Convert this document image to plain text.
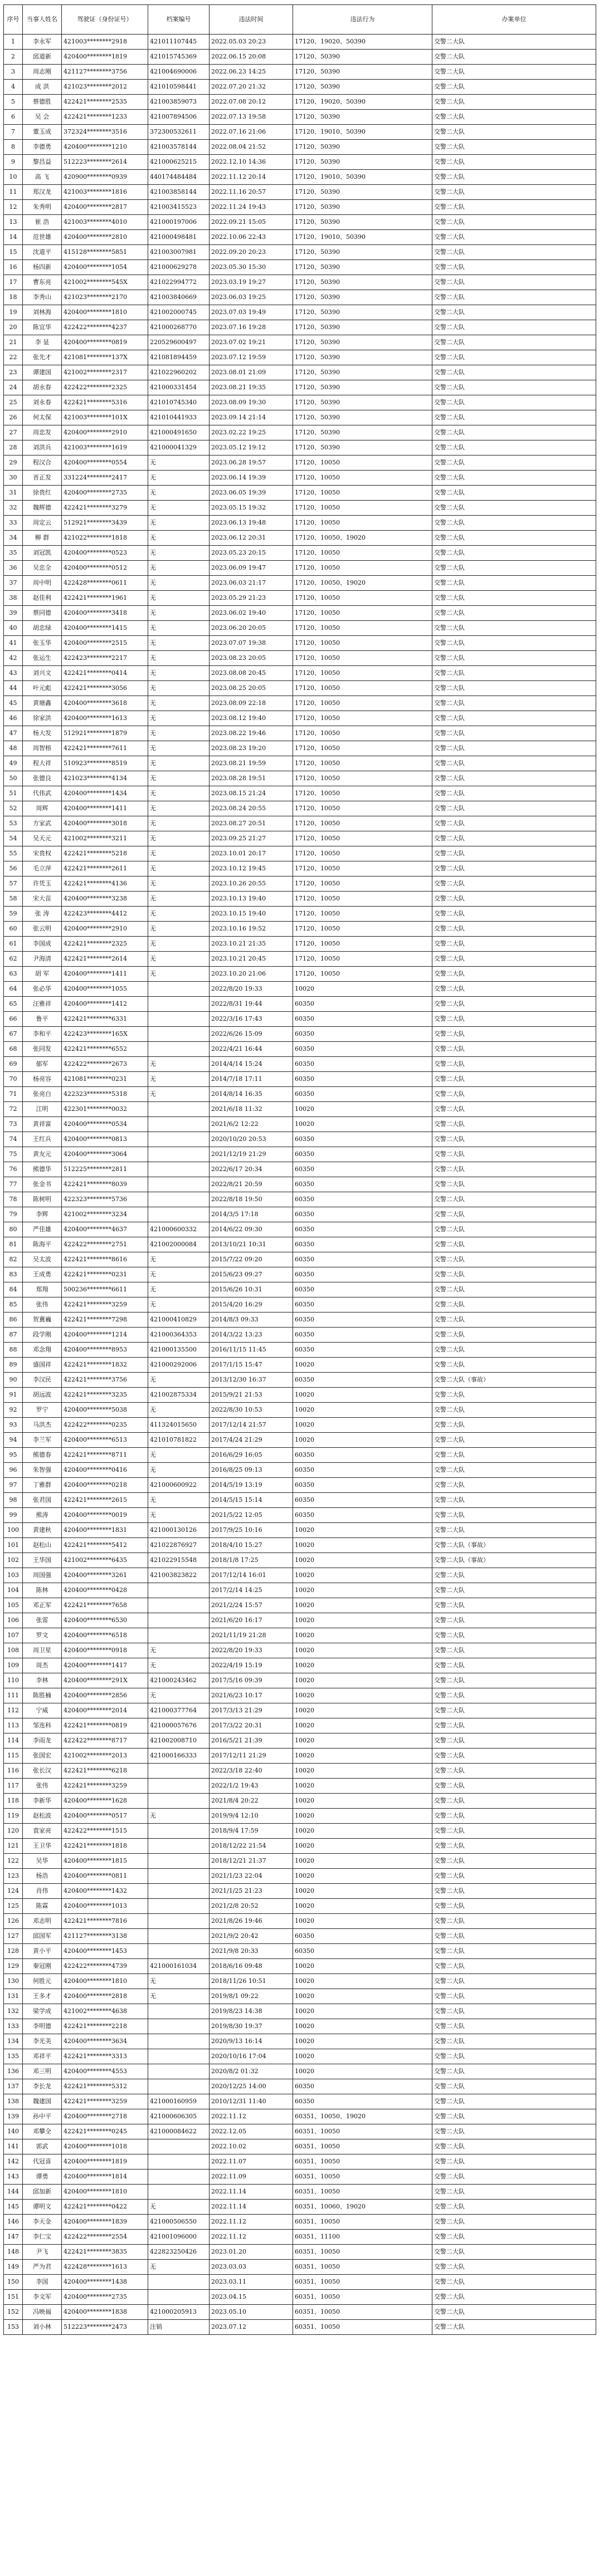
序号	当事人姓名	驾驶证（身份证号）	档案编号	违法时间	违法行为	办案单位
1	李永军	421003********2918	421011107445	2022.05.03 20:23	17120、19020、50390	交警二大队
2	邱道新	420400********1819	421015745369	2022.06.15 20:08	17120、50390	交警二大队
3	周志刚	421127********3756	421004690006	2022.06.23 14:25	17120、50390	交警二大队
4	成 洪	421023********2012	421010598441	2022.07.20 21:32	17120、50390	交警二大队
5	蔡德胜	422421********2535	421003859073	2022.07.08 20:12	17120、19020、50390	交警二大队
6	吴 会	422421********1233	421007894506	2022.07.13 19:58	17120、50390	交警二大队
7	董玉成	372324********3516	372300532611	2022.07.16 21:06	17120、19010、50390	交警二大队
8	李德勇	420400********1210	421003578144	2022.08.04 21:52	17120、50390	交警二大队
9	黎昌益	512223********2614	421000625215	2022.12.10 14:36	17120、50390	交警二大队
10	高 飞	420900********0939	440174484484	2022.11.12 20:14	17120、19010、50390	交警二大队
11	郑汉龙	421003********1816	421003858144	2022.11.16 20:57	17120、50390	交警二大队
12	朱秀明	420400********2817	421003415523	2022.11.24 19:43	17120、50390	交警二大队
13	崔 浩	421003********4010	421000197006	2022.09.21 15:05	17120、50390	交警二大队
14	范世雄	420400********2810	421000498481	2022.10.06 22:43	17120、19010、50390	交警二大队
15	沈道平	415128********5851	421003007981	2022.09.20 20:23	17120、50390	交警二大队
16	杨四新	420400********1054	421000629278	2023.05.30 15:30	17120、50390	交警二大队
17	曹东亮	421002********545X	421022994772	2023.03.19 19:27	17120、50390	交警二大队
18	李秀山	421023********2170	421003840669	2023.06.03 19:25	17120、50390	交警二大队
19	刘林海	420400********1810	421002000745	2023.07.03 19:49	17120、50390	交警二大队
20	陈宜华	422422********4237	421000268770	2023.07.16 19:28	17120、50390	交警二大队
21	李 显	420400********0819	220529600497	2023.07.02 19:21	17120、50390	交警二大队
22	张先才	421081********137X	421081894459	2023.07.12 19:59	17120、50390	交警二大队
23	谭建国	421002********2317	421022960202	2023.08.01 21:09	17120、50390	交警二大队
24	胡永春	422422********2325	421000331454	2023.08.21 19:35	17120、50390	交警二大队
25	刘永春	422421********5316	421010745340	2023.08.09 19:30	17120、50390	交警二大队
26	何太保	421003********101X	421010441933	2023.09.14 21:14	17120、50390	交警二大队
27	周忠发	420400********2910	421000491650	2023.02.22 19:25	17120、50390	交警二大队
28	刘洪兵	421003********1619	421000041329	2023.05.12 19:12	17120、50390	交警二大队
29	程汉合	420400********0554	无	2023.06.28 19:57	17120、10050	交警二大队
30	晋正发	331224********2417	无	2023.06.14 19:39	17120、10050	交警二大队
31	徐贵红	420400********2735	无	2023.06.05 19:39	17120、10050	交警二大队
32	魏辉德	422421********3279	无	2023.05.15 19:32	17120、10050	交警二大队
33	周定云	512921********3439	无	2023.06.13 19:48	17120、10050	交警二大队
34	柳 群	421022********1818	无	2023.06.12 20:31	17120、10050、19020	交警二大队
35	刘冠凯	420400********0523	无	2023.05.23 20:15	17120、10050	交警二大队
36	吴忠全	420400********0512	无	2023.06.09 19:47	17120、10050	交警二大队
37	周中明	422428********0611	无	2023.06.03 21:17	17120、10050、19020	交警二大队
38	赵佳利	422421********1961	无	2023.05.29 21:23	17120、10050	交警二大队
39	蔡同德	420400********3418	无	2023.06.02 19:40	17120、10050	交警二大队
40	胡忠绿	420400********1415	无	2023.06.20 20:05	17120、10050	交警二大队
41	张玉华	420400********2515	无	2023.07.07 19:38	17120、10050	交警二大队
42	张运生	422423********2217	无	2023.08.23 20:05	17120、10050	交警二大队
43	刘兴文	422421********0414	无	2023.08.08 20:45	17120、10050	交警二大队
44	叶元彪	422421********3056	无	2023.08.25 20:05	17120、10050	交警二大队
45	黄塘鑫	420400********3618	无	2023.08.09 22:18	17120、10050	交警二大队
46	徐家洪	420400********1613	无	2023.08.12 19:40	17120、10050	交警二大队
47	杨大发	512921********1879	无	2023.08.22 19:46	17120、10050	交警二大队
48	周智榕	422421********7611	无	2023.08.23 19:20	17120、10050	交警二大队
49	程大祥	510923********8519	无	2023.08.21 19:59	17120、10050	交警二大队
50	张德良	421023********4134	无	2023.08.28 19:51	17120、10050	交警二大队
51	代伟武	420400********1434	无	2023.08.15 21:24	17120、10050	交警二大队
52	周辉	420400********1411	无	2023.08.24 20:55	17120、10050	交警二大队
53	方家武	420400********3018	无	2023.08.27 20:51	17120、10050	交警二大队
54	吴天元	421002********3211	无	2023.09.25 21:27	17120、10050	交警二大队
55	宋贵权	422421********5218	无	2023.10.01 20:17	17120、10050	交警二大队
56	毛立萍	422421********2611	无	2023.10.12 19:45	17120、10050	交警二大队
57	许凭玉	422421********4136	无	2023.10.26 20:55	17120、10050	交警二大队
58	宋大苗	420400********3238	无	2023.10.13 19:40	17120、10050	交警二大队
59	张 涛	422423********4412	无	2023.10.15 19:40	17120、10050	交警二大队
60	张云明	420400********2910	无	2023.10.16 19:52	17120、10050	交警二大队
61	李国成	422421********2325	无	2023.10.21 21:35	17120、10050	交警二大队
62	尹海清	422421********2614	无	2023.10.21 20:45	17120、10050	交警二大队
63	胡 军	420400********1411	无	2023.10.20 21:06	17120、10050	交警二大队
64	张必华	420400********1055		2022/8/20 19:33	10020	交警二大队
65	汪雅祥	420400********1412		2022/8/31 19:44	60350	交警二大队
66	鲁平	422421********6331		2022/3/16 17:43	60350	交警二大队
67	李和平	422423********165X		2022/6/26 15:09	60350	交警二大队
68	张同发	422421********6552		2022/4/21 16:44	60350	交警二大队
69	郁军	422422********2673	无	2014/4/14 15:24	60350	交警二大队
70	杨亮容	421081********0231	无	2014/7/18 17:11	60350	交警二大队
71	张亮白	422323********5318	无	2014/8/14 16:35	60350	交警二大队
72	江明	422301********0032		2021/6/18 11:32	10020	交警二大队
73	黄祥富	420400********0534		2021/6/2 12:22	10020	交警二大队
74	王红兵	420400********0813		2020/10/20 20:53	60350	交警二大队
75	黄友元	420400********3064		2021/12/19 21:29	60350	交警二大队
76	熊德华	512225********2811		2022/6/17 20:34	60350	交警二大队
77	张金书	422421********8039		2022/8/21 20:59	60350	交警二大队
78	陈树明	422323********5736		2022/8/18 19:50	60350	交警二大队
79	李辉	421002********3234		2014/3/5 17:18	60350	交警二大队
80	严佳雄	420400********4637	421000600332	2014/6/22 09:30	60350	交警二大队
81	陈海平	422422********2751	421002000084	2013/10/21 10:31	60350	交警二大队
82	吴太波	422421********8616	无	2015/7/22 09:20	60350	交警二大队
83	王成勇	422421********0231	无	2015/6/23 09:27	60350	交警二大队
84	郑翔	500236********6611	无	2015/6/26 10:31	60350	交警二大队
85	张伟	422421********3259	无	2015/4/20 16:29	60350	交警二大队
86	贺冀巍	422421********7298	421000410829	2014/8/3 09:33	60350	交警二大队
87	段学刚	420400********1214	421000364353	2014/3/22 13:23	60350	交警二大队
88	邓念翔	420400********8953	421000135500	2016/11/15 11:45	60350	交警二大队
89	盛国祥	422421********1832	421000292006	2017/1/15 15:47	10020	交警二大队
90	李汉民	422421********3756	无	2013/12/30 16:37	60350	交警二大队（事故）
91	胡远波	422421********3235	421002875334	2015/9/21 21:53	10020	交警二大队
92	罗宁	420400********5038	无	2022/8/30 10:53	10020	交警二大队
93	马洪杰	422422********0235	411324015650	2017/12/14 21:57	10020	交警二大队
94	李兰军	420400********6513	421010781822	2017/4/24 21:29	10020	交警二大队
95	熊德春	422421********8711	无	2016/6/29 16:05	60350	交警二大队
96	朱智强	420400********0416	无	2016/8/25 09:13	60350	交警二大队
97	丁雅群	420400********0218	421000600922	2014/5/19 13:19	60350	交警二大队
98	张君国	422421********2615	无	2014/5/15 15:14	60350	交警二大队
99	熊涛	420400********0019	无	2021/5/22 12:05	60350	交警二大队
100	黄建秋	420400********1831	421000130126	2017/9/25 10:16	10020	交警二大队
101	赵松山	422421********5412	421022876927	2018/4/10 15:27	10020	交警二大队（事故）
102	王华国	421002********6435	421022915548	2018/1/8 17:25	10020	交警二大队（事故）
103	周国强	420400********3261	421003823822	2017/12/14 16:01	10020	交警二大队
104	陈林	420400********0428		2017/2/14 14:25	10020	交警二大队
105	邓正军	422421********7658		2021/2/24 15:57	10020	交警二大队
106	张雷	420400********6530		2021/6/20 16:17	10020	交警二大队
107	罗文	420400********6518		2021/11/19 21:28	10020	交警二大队
108	周卫星	420400********0918	无	2022/8/20 19:33	10020	交警二大队
109	周杰	420400********1417	无	2022/4/19 15:19	10020	交警二大队
110	李林	420400********291X	421000243462	2017/5/16 09:39	10020	交警二大队
111	陈胜楠	420400********2856	无	2021/6/23 10:17	10020	交警二大队
112	宁威	420400********2014	421000377764	2017/3/13 21:29	10020	交警二大队
113	邹连科	422421********0819	421000057676	2017/3/22 20:31	10020	交警二大队
114	李雨龙	422422********8717	421002008710	2016/5/21 21:39	10020	交警二大队
115	张国宏	421002********2013	421000166333	2017/12/11 21:29	10020	交警二大队
116	张长汉	422421********6218		2022/3/18 22:40	10020	交警二大队
117	张伟	422421********3259		2022/1/2 19:43	10020	交警二大队
118	李新华	420400********1628		2021/8/4 20:22	10020	交警二大队
119	赵松波	420400********0517	无	2019/9/4 12:10	10020	交警二大队
120	袁家亮	422422********1515		2018/9/4 17:59	10020	交警二大队
121	王卫华	422421********1818		2018/12/22 21:54	10020	交警二大队
122	吴华	420400********1815		2018/12/21 21:37	10020	交警二大队
123	杨浩	420400********0811		2021/1/23 22:04	10020	交警二大队
124	肖伟	420400********1432		2021/1/25 21:23	10020	交警二大队
125	陈霖	420400********1013		2021/2/8 20:52	10020	交警二大队
126	邓志明	422421********7816		2021/8/26 19:46	10020	交警二大队
127	邱国军	421127********3138		2021/9/2 20:42	60350	交警二大队
128	黄小平	420400********1453		2021/9/8 20:33	60350	交警二大队
129	秦冠刚	422422********4739	421000161034	2018/6/16 09:48	10020	交警二大队
130	何胜元	420400********1810	无	2018/11/26 10:51	10020	交警二大队
131	王多才	420400********2818	无	2019/8/1 09:22	10020	交警二大队
132	梁学成	421002********4638		2019/8/23 14:38	10020	交警二大队
133	李明德	422421********2218		2019/8/30 19:37	10020	交警二大队
134	李光美	420400********3634		2020/9/13 16:14	10020	交警二大队
135	邓祥平	422421********3313		2020/10/16 17:04	10020	交警二大队
136	邓三明	420400********4553		2020/8/2 01:32	10020	交警二大队
137	李长龙	422421********5312		2020/12/25 14:00	60350	交警二大队
138	魏建国	422421********3259	421000160959	2010/12/31 11:40	60350	交警二大队
139	孙中平	420400********2718	421000606305	2022.11.12	60351、10050、19020	交警二大队
140	邓攀全	422421********0245	421000084622	2022.12.05	60351、10050	交警二大队
141	郭武	420400********1018		2022.10.02	60351、10050	交警二大队
142	代冠喜	420400********1819		2022.11.07	60351、10050	交警二大队
143	谭勇	420400********1814		2022.11.09	60351、10050	交警二大队
144	邱加新	420400********1810		2022.11.14	60351、10050	交警二大队
145	谭明文	422421********0422	无	2022.11.14	60351、10060、19020	交警二大队
146	李天金	420400********1839	421000506550	2022.11.12	60351、10050	交警二大队
147	李仁宝	422422********2554	421001096000	2022.11.12	60351、11100	交警二大队
148	尹飞	422421********3835	422823250426	2023.01.20	60351、10050	交警二大队
149	严为君	422428********1613	无	2023.03.03	60351、10050	交警二大队
150	李国	420400********1438		2023.03.11	60351、10050	交警二大队
151	李文军	420400********2735		2023.04.15	60351、10050	交警二大队
152	冯映福	420400********1838	421000205913	2023.05.10	60351、10050	交警二大队
153	刘小林	512223********2473	注销	2023.07.12	60351、10050	交警二大队
